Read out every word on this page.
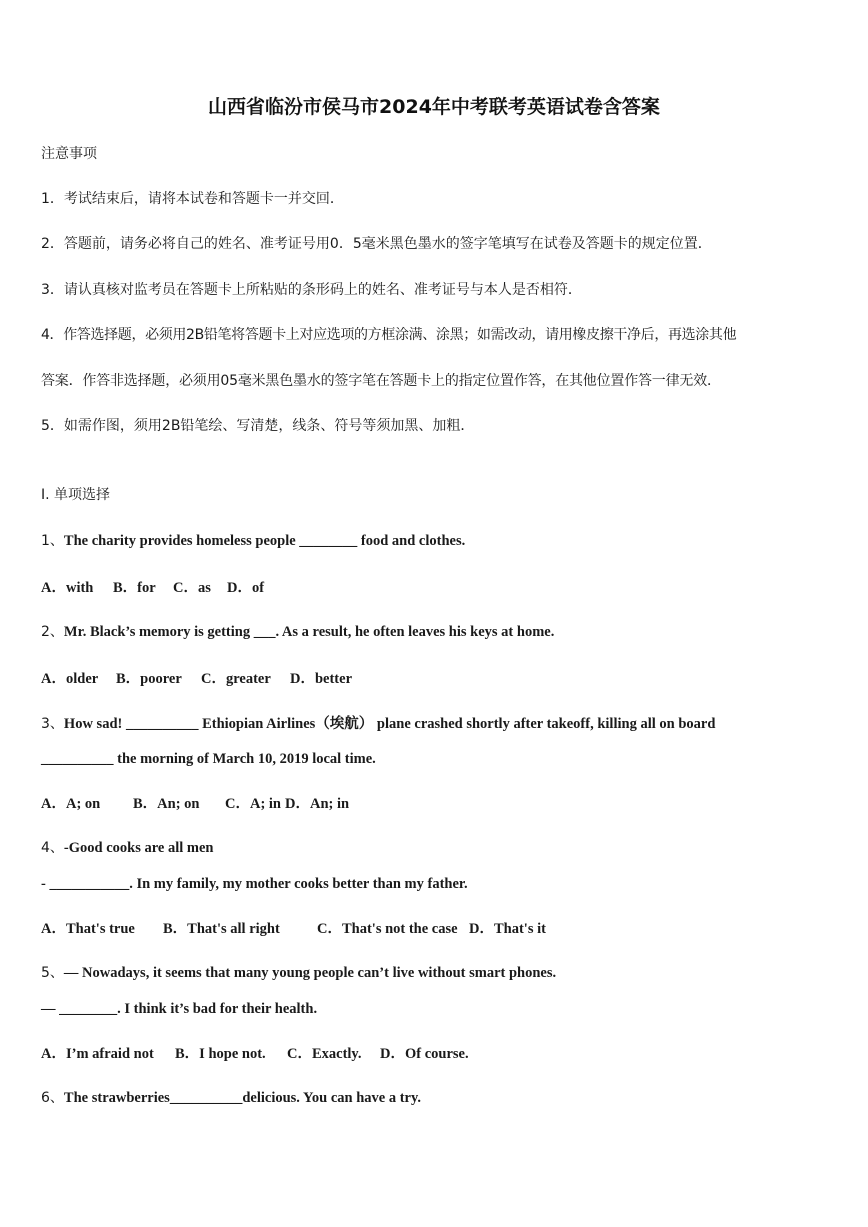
山西省临汾市侯马市2024年中考联考英语试卷含答案
注意事项
1．考试结束后，请将本试卷和答题卡一并交回．
2．答题前，请务必将自己的姓名、准考证号用0．5毫米黑色墨水的签字笔填写在试卷及答题卡的规定位置．
3．请认真核对监考员在答题卡上所粘贴的条形码上的姓名、准考证号与本人是否相符．
4．作答选择题，必须用2B铅笔将答题卡上对应选项的方框涂满、涂黑；如需改动，请用橡皮擦干净后，再选涂其他
答案．作答非选择题，必须用05毫米黑色墨水的签字笔在答题卡上的指定位置作答，在其他位置作答一律无效．
5．如需作图，须用2B铅笔绘、写清楚，线条、符号等须加黑、加粗．
Ⅰ. 单项选择
1、The charity provides homeless people ________ food and clothes.
A．with B．for C．as D．of
2、Mr. Black’s memory is getting ___. As a result, he often leaves his keys at home.
A．older B．poorer C．greater D．better
3、How sad! __________ Ethiopian Airlines（埃航） plane crashed shortly after takeoff, killing all on board
__________ the morning of March 10, 2019 local time.
A．A; on B．An; on C．A; in D．An; in
4、-Good cooks are all men
- ___________. In my family, my mother cooks better than my father.
A．That's true B．That's all right	C．That's not the case D．That's it
5、— Nowadays, it seems that many young people can’t live without smart phones.
— ________. I think it’s bad for their health.
A．I’m afraid not B．I hope not. C．Exactly. D．Of course.
6、The strawberries__________delicious. You can have a try.
